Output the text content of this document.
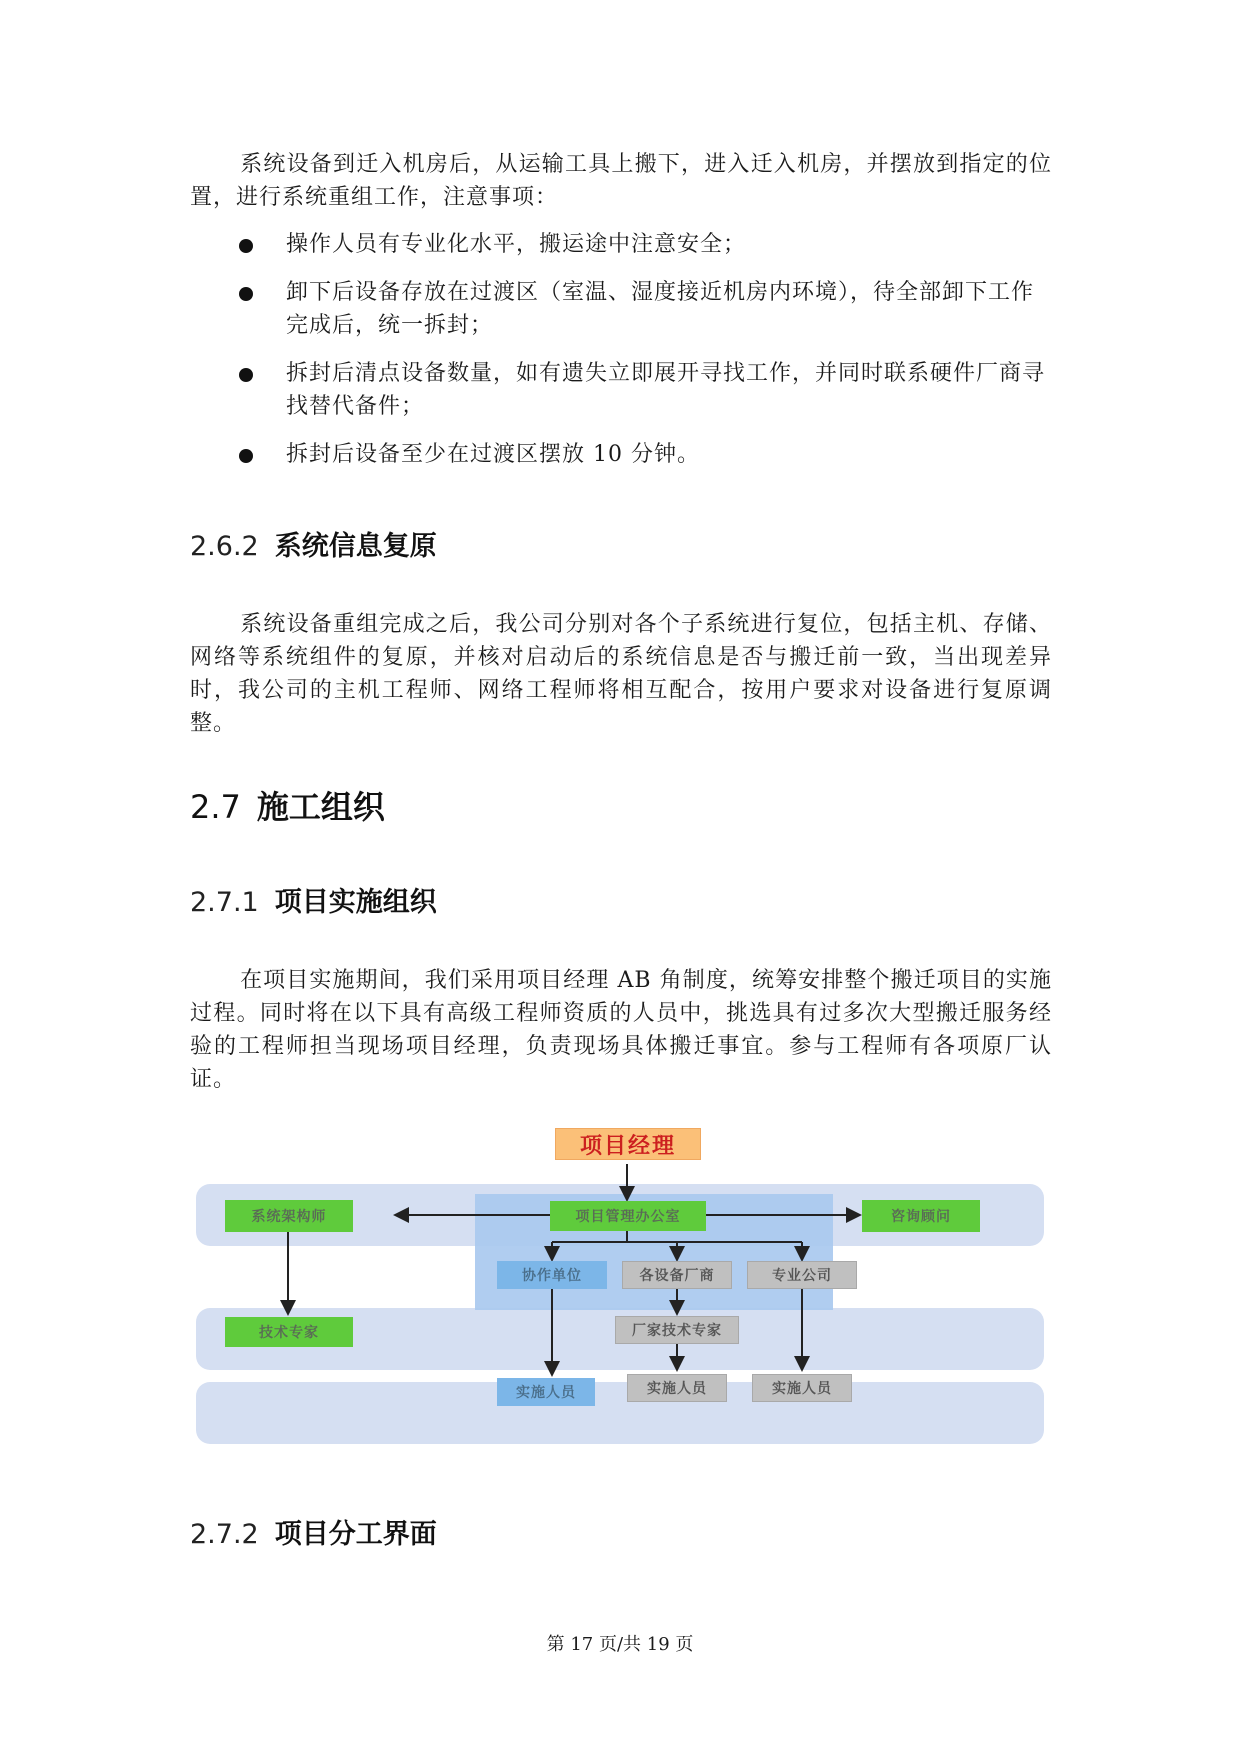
系统设备到迁入机房后，从运输工具上搬下，进入迁入机房，并摆放到指定的位置，进行系统重组工作，注意事项：

操作人员有专业化水平，搬运途中注意安全；
卸下后设备存放在过渡区（室温、湿度接近机房内环境），待全部卸下工作完成后，统一拆封；
拆封后清点设备数量，如有遗失立即展开寻找工作，并同时联系硬件厂商寻找替代备件；
拆封后设备至少在过渡区摆放 10 分钟。
2.6.2 系统信息复原

系统设备重组完成之后，我公司分别对各个子系统进行复位，包括主机、存储、网络等系统组件的复原，并核对启动后的系统信息是否与搬迁前一致，当出现差异时，我公司的主机工程师、网络工程师将相互配合，按用户要求对设备进行复原调整。

2.7 施工组织
2.7.1 项目实施组织

在项目实施期间，我们采用项目经理 AB 角制度，统筹安排整个搬迁项目的实施过程。同时将在以下具有高级工程师资质的人员中，挑选具有过多次大型搬迁服务经验的工程师担当现场项目经理，负责现场具体搬迁事宜。参与工程师有各项原厂认证。

项目经理
项目管理办公室
系统架构师	咨询顾问
协作单位	各设备厂商	专业公司
技术专家	厂家技术专家
实施人员	实施人员	实施人员
2.7.2 项目分工界面
第 17 页/共 19 页
